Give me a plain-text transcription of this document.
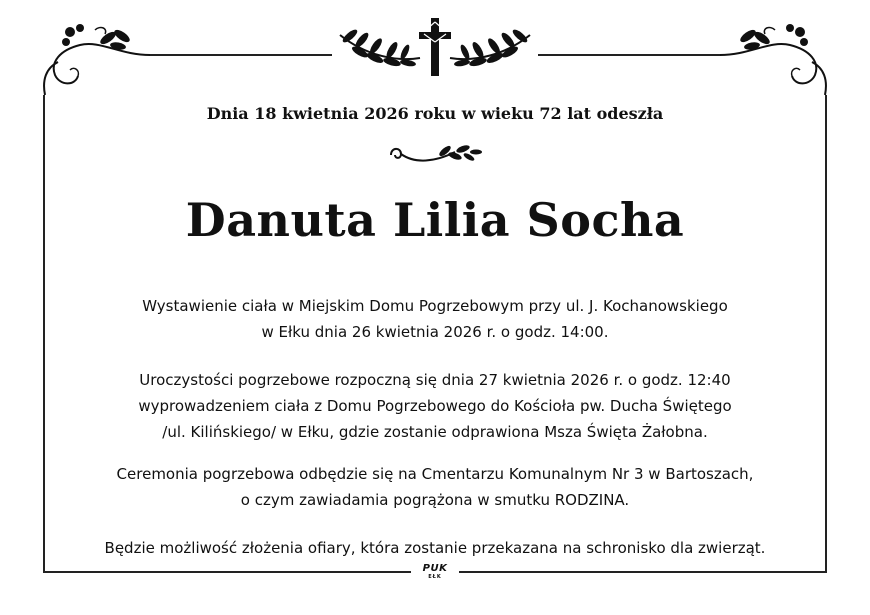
Dnia 18 kwietnia 2026 roku w wieku 72 lat odeszła
Danuta Lilia Socha
Wystawienie ciała w Miejskim Domu Pogrzebowym przy ul. J. Kochanowskiego
w Ełku dnia 26 kwietnia 2026 r. o godz. 14:00.
Uroczystości pogrzebowe rozpoczną się dnia 27 kwietnia 2026 r. o godz. 12:40
wyprowadzeniem ciała z Domu Pogrzebowego do Kościoła pw. Ducha Świętego
/ul. Kilińskiego/ w Ełku, gdzie zostanie odprawiona Msza Święta Żałobna.
Ceremonia pogrzebowa odbędzie się na Cmentarzu Komunalnym Nr 3 w Bartoszach,
o czym zawiadamia pogrążona w smutku RODZINA.
Będzie możliwość złożenia ofiary, która zostanie przekazana na schronisko dla zwierząt.
PUK
EŁK
